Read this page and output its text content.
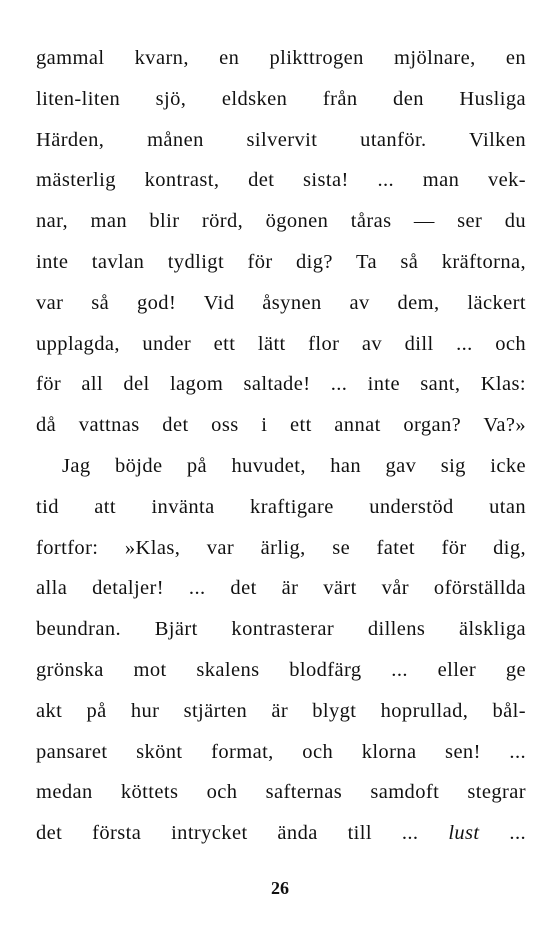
gammal kvarn, en plikttrogen mjölnare, en
liten-liten sjö, eldsken från den Husliga
Härden, månen silvervit utanför. Vilken
mästerlig kontrast, det sista! ... man vek-
nar, man blir rörd, ögonen tåras — ser du
inte tavlan tydligt för dig? Ta så kräftorna,
var så god! Vid åsynen av dem, läckert
upplagda, under ett lätt flor av dill ... och
för all del lagom saltade! ... inte sant, Klas:
då vattnas det oss i ett annat organ? Va?»
Jag böjde på huvudet, han gav sig icke
tid att invänta kraftigare understöd utan
fortfor: »Klas, var ärlig, se fatet för dig,
alla detaljer! ... det är värt vår oförställda
beundran. Bjärt kontrasterar dillens älskliga
grönska mot skalens blodfärg ... eller ge
akt på hur stjärten är blygt hoprullad, bål-
pansaret skönt format, och klorna sen! ...
medan köttets och safternas samdoft stegrar
det första intrycket ända till ... lust ...
26
